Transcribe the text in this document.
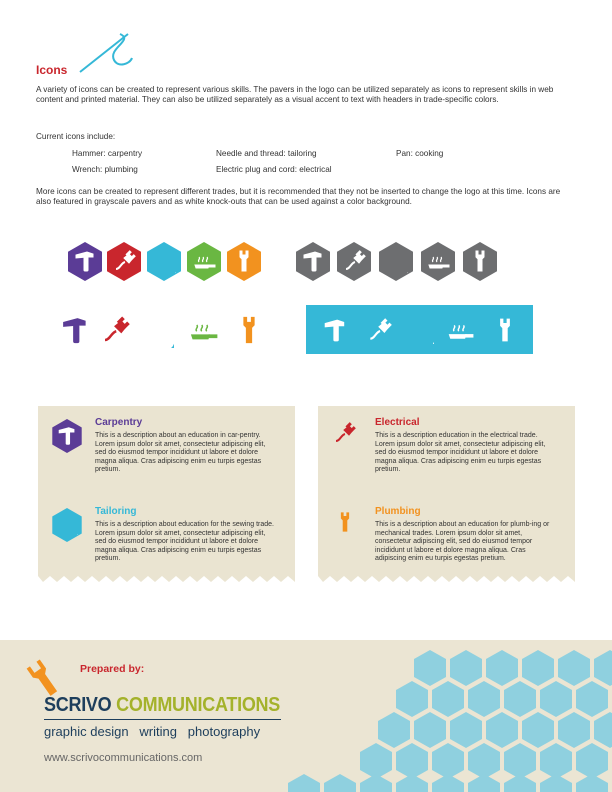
Icons
A variety of icons can be created to represent various skills. The pavers in the logo can be utilized separately as icons to represent skills in web content and printed material. They can also be utilized separately as a visual accent to text with headers in trade-specific colors.
Current icons include:
Hammer: carpentry	Needle and thread: tailoring	Pan: cooking
Wrench: plumbing	Electric plug and cord: electrical
More icons can be created to represent different trades, but it is recommended that they not be inserted to change the logo at this time. Icons are also featured in grayscale pavers and as white knock-outs that can be used against a color background.
Carpentry
This is a description about an education in car-pentry. Lorem ipsum dolor sit amet, consectetur adipiscing elit, sed do eiusmod tempor incididunt ut labore et dolore magna aliqua. Cras adipiscing enim eu turpis egestas pretium.
Tailoring
This is a description about education for the sewing trade. Lorem ipsum dolor sit amet, consectetur adipiscing elit, sed do eiusmod tempor incididunt ut labore et dolore magna aliqua. Cras adipiscing enim eu turpis egestas pretium.
Electrical
This is a description education in the electrical trade. Lorem ipsum dolor sit amet, consectetur adipiscing elit, sed do eiusmod tempor incididunt ut labore et dolore magna aliqua. Cras adipiscing enim eu turpis egestas pretium.
Plumbing
This is a description about an education for plumb-ing or mechanical trades. Lorem ipsum dolor sit amet, consectetur adipiscing elit, sed do eiusmod tempor incididunt ut labore et dolore magna aliqua. Cras adipiscing enim eu turpis egestas pretium.
Prepared by:
SCRIVO COMMUNICATIONS
graphic design   writing   photography
www.scrivocommunications.com
